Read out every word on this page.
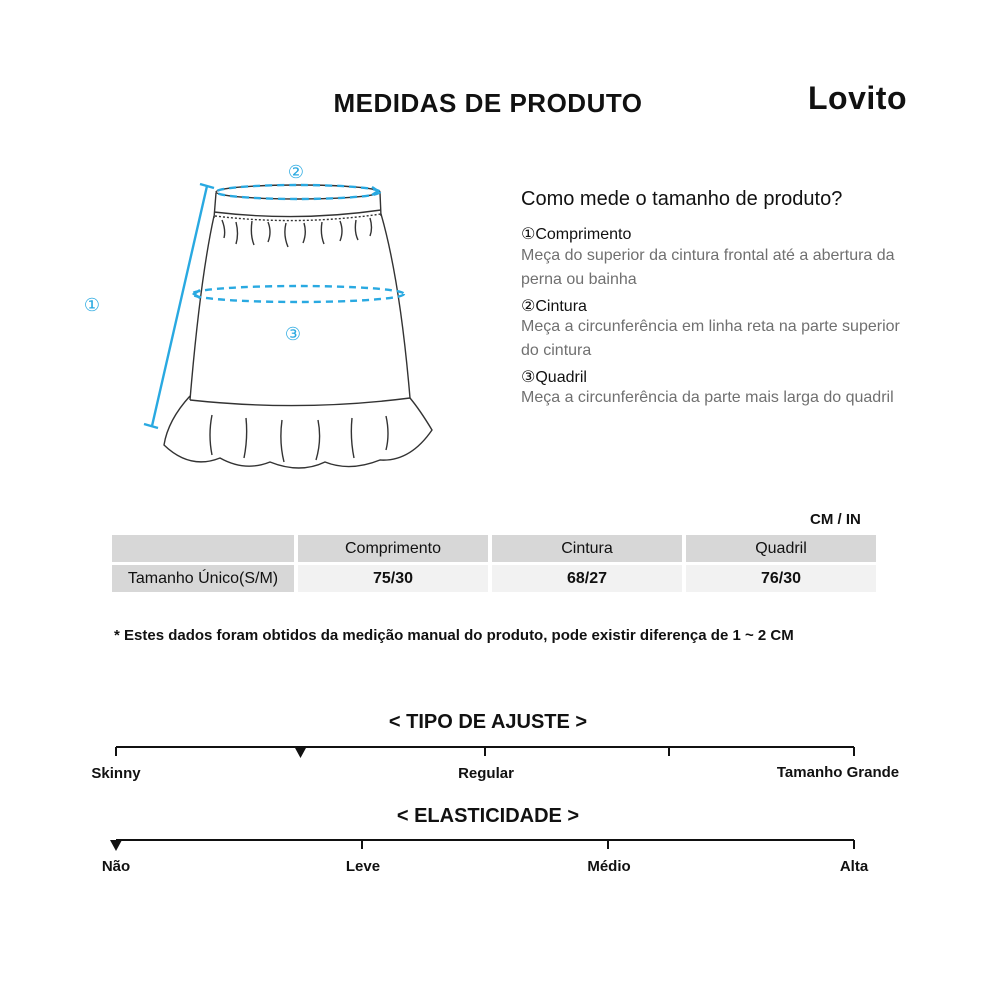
MEDIDAS DE PRODUTO	Lovito
①
②
③
Como mede o tamanho de produto?
①Comprimento
Meça do superior da cintura frontal até a abertura da perna ou bainha
②Cintura
Meça a circunferência em linha reta na parte superior do cintura
③Quadril
Meça a circunferência da parte mais larga do quadril
CM / IN
	Comprimento	Cintura	Quadril
Tamanho Único(S/M)	75/30	68/27	76/30
* Estes dados foram obtidos da medição manual do produto, pode existir diferença de 1 ~ 2 CM
< TIPO DE AJUSTE >
Skinny	Regular	Tamanho Grande
< ELASTICIDADE >
Não	Leve	Médio	Alta
